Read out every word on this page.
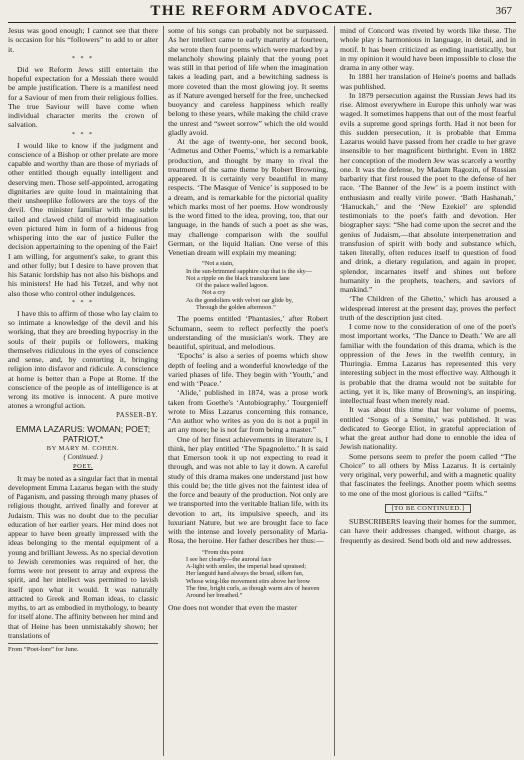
THE REFORM ADVOCATE.	367

Jesus was good enough; I cannot see that there is occasion for his “followers” to add to or alter it.

* * *

Did we Reform Jews still entertain the hopeful expectation for a Messiah there would be ample justification. There is a manifest need for a Saviour of men from their religious follies. The true Saviour will have come when individual character merits the crown of salvation.

* * *

I would like to know if the judgment and conscience of a Bishop or other prelate are more capable and worthy than are those of myriads of other entitled though equally intelligent and deserving men. Those self-appointed, arrogating dignitaries are quite loud in maintaining that their unsheeplike followers are the toys of the devil. One minister familiar with the subtle tailed and clawed child of morbid imagination even pictured him in form of a hideous frog whispering into the ear of justice Fuller the decision appertaining to the opening of the Fair! I am willing, for argument's sake, to grant this and other folly; but I desire to have proven that his Satanic lordship has not also his bishops and his ministers! He had his Tetzel, and why not also those who control other indulgences.

* * *

I have this to affirm of those who lay claim to so intimate a knowledge of the devil and his working, that they are breeding hypocrisy in the souls of their pupils or followers, making themselves ridiculous in the eyes of conscience and sense, and, by contorting it, bringing religion into disfavor and ridicule. A conscience at home is better than a Pope at Rome. If the conscience of the people as of intelligence is at wrong its motive is innocent. A pure motive atones a wrongful action.

PASSER-BY.
EMMA LAZARUS: WOMAN; POET; PATRIOT.*
BY MARY M. COHEN.
( Continued. )
POET.

It may be noted as a singular fact that in mental development Emma Lazarus began with the study of Paganism, and passing through many phases of religious thought, arrived finally and forever at Judaism. This was no doubt due to the peculiar education of her earlier years. Her mind does not appear to have been greatly impressed with the ideas belonging to the mental equipment of a young and brilliant Jewess. As no special devotion to Jewish ceremonies was required of her, the forms were not present to array and express the spirit, and her intellect was permitted to lavish itself upon what it would. It was naturally attracted to Greek and Roman ideas, to classic myths, to art as embodied in mythology, to beauty for itself alone. The affinity between her mind and that of Heine has been unmistakably shown; her translations of

From “Poet-lore” for June.

some of his songs can probably not be surpassed. As her intellect came to early maturity at fourteen, she wrote then four poems which were marked by a melancholy showing plainly that the young poet was still in that period of life when the imagination takes a leading part, and a bewitching sadness is more coveted than the most glowing joy. It seems as if Nature avenged herself for the free, unchecked buoyancy and careless happiness which really belong to these years, while making the child crave the unrest and “sweet sorrow” which the old would gladly avoid.

At the age of twenty-one, her second book, ‘Admetus and Other Poems,’ which is a remarkable production, and thought by many to rival the treatment of the same theme by Robert Browning, appeared. It is certainly very beautiful in many respects. ‘The Masque of Venice’ is supposed to be a dream, and is remarkable for the pictorial quality which marks most of her poems. How wondrously is the word fitted to the idea, proving, too, that our language, in the hands of such a poet as she was, may challenge comparison with the soulful German, or the liquid Italian. One verse of this Venetian dream will explain my meaning:

“Not a stain,
In the sun-brimmed sapphire cup that is the sky—
Not a ripple on the black translucent lane
Of the palace walled lagoon.
Not a cry
As the gondoliers with velvet oar glide by,
Through the golden afternoon.”

The poems entitled ‘Phantasies,’ after Robert Schumann, seem to reflect perfectly the poet's understanding of the musician's work. They are beautiful, spiritual, and melodious.

‘Epochs’ is also a series of poems which show depth of feeling and a wonderful knowledge of the varied phases of life. They begin with ‘Youth,’ and end with ‘Peace.’

‘Alide,’ published in 1874, was a prose work taken from Goethe's ‘Autobiography.’ Tourgenieff wrote to Miss Lazarus concerning this romance, “An author who writes as you do is not a pupil in art any more; he is not far from being a master.”

One of her finest achievements in literature is, I think, her play entitled ‘The Spagnoletto.’ It is said that Emerson took it up not expecting to read it through, and was not able to lay it down. A careful study of this drama makes one understand just how this could be; the title gives not the faintest idea of the force and beauty of the production. Not only are we transported into the veritable Italian life, with its devotion to art, its impulsive speech, and its luxuriant Nature, but we are brought face to face with the intense and lovely personality of Maria-Rosa, the heroine. Her father describes her thus:—

“From this point
I see her clearly—the auroral face
A-light with smiles, the imperial head upraised;
Her languid hand always the broad, silken fan,
Whose wing-like movement stirs above her brow
The fine, bright curls, as though warm airs of heaven
Around her breathed.”

One does not wonder that even the master

mind of Concord was riveted by words like these. The whole play is harmonious in language, in detail, and in motif. It has been criticized as ending inartistically, but in my opinion it would have been impossible to close the drama in any other way.

In 1881 her translation of Heine's poems and ballads was published.

In 1879 persecution against the Russian Jews had its rise. Almost everywhere in Europe this unholy war was waged. It sometimes happens that out of the most fearful evils a supreme good springs forth. Had it not been for this sudden persecution, it is probable that Emma Lazarus would have passed from her cradle to her grave insensible to her magnificent birthright. Even in 1882 her conception of the modern Jew was scarcely a worthy one. It was the defense, by Madam Ragozin, of Russian barbarity that first roused the poet to the defense of her race. ‘The Banner of the Jew’ is a poem instinct with enthusiasm and really virile power. ‘Bath Hashanah,’ ‘Hanuckah,’ and the ‘New Ezekiel’ are splendid testimonials to the poet's faith and devotion. Her biographer says: “She had come upon the secret and the genius of Judaism,—that absolute interpenetration and transfusion of spirit with body and substance which, taken literally, often reduces itself to question of food and drink, a dietary regulation, and again in proper, splendor, incarnates itself and shines out before humanity in the prophets, teachers, and saviors of mankind.”

‘The Children of the Ghetto,’ which has aroused a widespread interest at the present day, proves the perfect truth of the description just cited.

I come now to the consideration of one of the poet's most important works, ‘The Dance to Death.’ We are all familiar with the foundation of this drama, which is the oppression of the Jews in the twelfth century, in Thuringia. Emma Lazarus has represented this very interesting subject in the most effective way. Although it is probable that the drama would not be suitable for acting, yet it is, like many of Browning's, an inspiring, intellectual feast when merely read.

It was about this time that her volume of poems, entitled ‘Songs of a Semite,’ was published. It was dedicated to George Eliot, in grateful appreciation of what the great author had done to ennoble the idea of Jewish nationality.

Some persons seem to prefer the poem called “The Choice” to all others by Miss Lazarus. It is certainly very original, very powerful, and with a magnetic quality that fascinates the feelings. Another poem which seems to me one of the most glorious is called “Gifts.”

[TO BE CONTINUED.]

SUBSCRIBERS leaving their homes for the summer, can have their addresses changed, without charge, as frequently as desired. Send both old and new addresses.
